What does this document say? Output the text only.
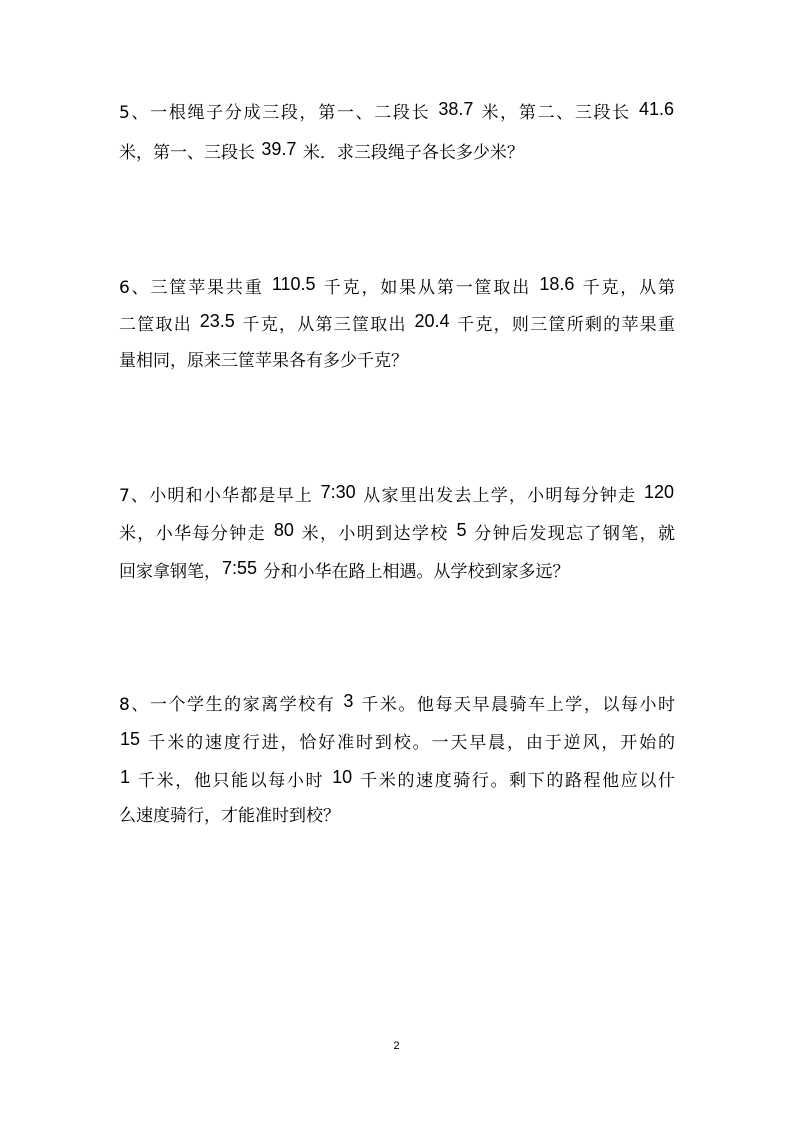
5、一根绳子分成三段，第一、二段长 38.7 米，第二、三段长 41.6
米，第一、三段长 39.7 米．求三段绳子各长多少米？
6、三筐苹果共重 110.5 千克，如果从第一筐取出 18.6 千克，从第
二筐取出 23.5 千克，从第三筐取出 20.4 千克，则三筐所剩的苹果重
量相同，原来三筐苹果各有多少千克？
7、小明和小华都是早上 7:30 从家里出发去上学，小明每分钟走 120
米，小华每分钟走 80 米，小明到达学校 5 分钟后发现忘了钢笔，就
回家拿钢笔，7:55 分和小华在路上相遇。从学校到家多远？
8、一个学生的家离学校有 3 千米。他每天早晨骑车上学，以每小时
15 千米的速度行进，恰好准时到校。一天早晨，由于逆风，开始的
1 千米，他只能以每小时 10 千米的速度骑行。剩下的路程他应以什
么速度骑行，才能准时到校？
2
